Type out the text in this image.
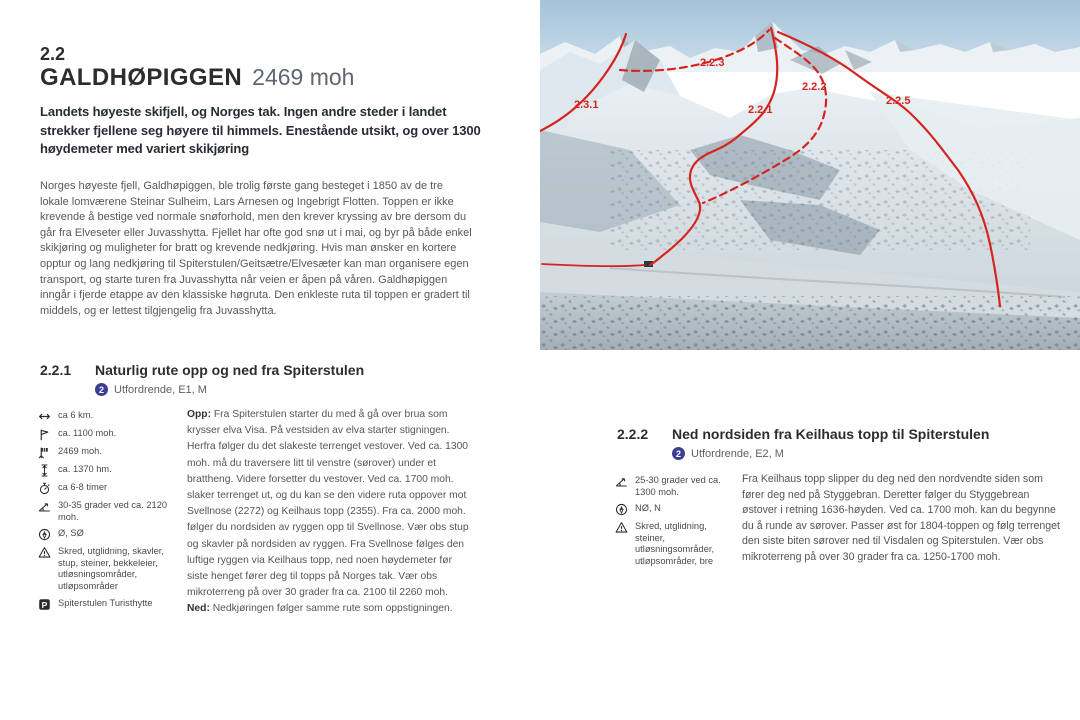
2.2
GALDHØPIGGEN 2469 moh
Landets høyeste skifjell, og Norges tak. Ingen andre steder i landet strekker fjellene seg høyere til himmels. Enestående utsikt, og over 1300 høydemeter med variert skikjøring
Norges høyeste fjell, Galdhøpiggen, ble trolig første gang besteget i 1850 av de tre lokale lomværene Steinar Sulheim, Lars Arnesen og Ingebrigt Flotten. Toppen er ikke krevende å bestige ved normale snøforhold, men den krever kryssing av bre dersom du går fra Elveseter eller Juvasshytta. Fjellet har ofte god snø ut i mai, og byr på både enkel skikjøring og muligheter for bratt og krevende nedkjøring. Hvis man ønsker en kortere opptur og lang nedkjøring til Spiterstulen/Geitsætre/Elvesæter kan man organisere egen transport, og starte turen fra Juvasshytta når veien er åpen på våren. Galdhøpiggen inngår i fjerde etappe av den klassiske høgruta. Den enkleste ruta til toppen er gradert til middels, og er lettest tilgjengelig fra Juvasshytta.
2.2.1	Naturlig rute opp og ned fra Spiterstulen
2 Utfordrende, E1, M
ca 6 km.
ca. 1100 moh.
2469 moh.
ca. 1370 hm.
ca 6-8 timer
30-35 grader ved ca. 2120 moh.
Ø, SØ
Skred, utglidning, skavler, stup, steiner, bekkeleier, utløsningsområder, utløpsområder
P Spiterstulen Turisthytte
Opp: Fra Spiterstulen starter du med å gå over brua som krysser elva Visa. På vestsiden av elva starter stigningen. Herfra følger du det slakeste terrenget vestover. Ved ca. 1300 moh. må du traversere litt til venstre (sørover) under et brattheng. Videre forsetter du vestover. Ved ca. 1700 moh. slaker terrenget ut, og du kan se den videre ruta oppover mot Svellnose (2272) og Keilhaus topp (2355). Fra ca. 2000 moh. følger du nordsiden av ryggen opp til Svellnose. Vær obs stup og skavler på nordsiden av ryggen. Fra Svellnose følges den luftige ryggen via Keilhaus topp, ned noen høydemeter før siste henget fører deg til topps på Norges tak. Vær obs mikroterreng på over 30 grader fra ca. 2100 til 2260 moh.
Ned: Nedkjøringen følger samme rute som oppstigningen.
2.2.2	Ned nordsiden fra Keilhaus topp til Spiterstulen
2 Utfordrende, E2, M
25-30 grader ved ca. 1300 moh.
NØ, N
Skred, utglidning, steiner, utløsningsområder, utløpsområder, bre
Fra Keilhaus topp slipper du deg ned den nordvendte siden som fører deg ned på Styggebran. Deretter følger du Styggebrean østover i retning 1636-høyden. Ved ca. 1700 moh. kan du begynne du å runde av sørover. Passer øst for 1804-toppen og følg terrenget den siste biten sørover ned til Visdalen og Spiterstulen. Vær obs mikroterreng på over 30 grader fra ca. 1250-1700 moh.
2.3.1
2.2.3
2.2.1
2.2.2
2.2.5
